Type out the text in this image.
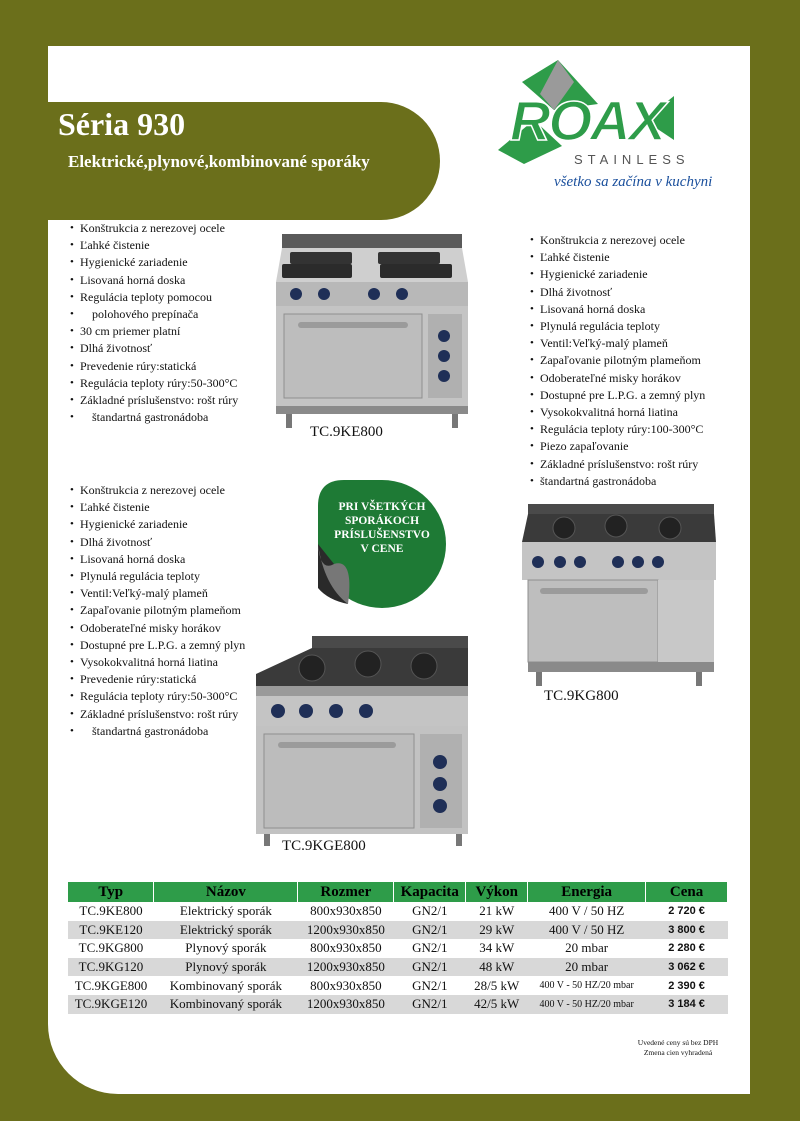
Séria 930
Elektrické,plynové,kombinované sporáky
ROAX
STAINLESS
všetko sa začína v kuchyni
• Konštrukcia z nerezovej ocele
• Ľahké čistenie
• Hygienické zariadenie
• Lisovaná horná doska
• Regulácia teploty pomocou
• polohového prepínača
• 30 cm priemer platní
• Dlhá životnosť
• Prevedenie rúry:statická
• Regulácia teploty rúry:50-300°C
• Základné príslušenstvo: rošt rúry
• štandartná gastronádoba
• Konštrukcia z nerezovej ocele
• Ľahké čistenie
• Hygienické zariadenie
• Dlhá životnosť
• Lisovaná horná doska
• Plynulá regulácia teploty
• Ventil:Veľký-malý plameň
• Zapaľovanie pilotným plameňom
• Odoberateľné misky horákov
• Dostupné pre L.P.G. a zemný plyn
• Vysokokvalitná horná liatina
• Regulácia teploty rúry:100-300°C
• Piezo zapaľovanie
• Základné príslušenstvo: rošt rúry
• štandartná gastronádoba
• Konštrukcia z nerezovej ocele
• Ľahké čistenie
• Hygienické zariadenie
• Dlhá životnosť
• Lisovaná horná doska
• Plynulá regulácia teploty
• Ventil:Veľký-malý plameň
• Zapaľovanie pilotným plameňom
• Odoberateľné misky horákov
• Dostupné pre L.P.G. a zemný plyn
• Vysokokvalitná horná liatina
• Prevedenie rúry:statická
• Regulácia teploty rúry:50-300°C
• Základné príslušenstvo: rošt rúry
• štandartná gastronádoba
TC.9KE800
PRI VŠETKÝCH
SPORÁKOCH
PRÍSLUŠENSTVO
V CENE
TC.9KG800
TC.9KGE800
Typ	Názov	Rozmer	Kapacita	Výkon	Energia	Cena
TC.9KE800	Elektrický sporák	800x930x850	GN2/1	21 kW	400 V / 50 HZ	2 720 €
TC.9KE120	Elektrický sporák	1200x930x850	GN2/1	29 kW	400 V / 50 HZ	3 800 €
TC.9KG800	Plynový sporák	800x930x850	GN2/1	34 kW	20 mbar	2 280 €
TC.9KG120	Plynový sporák	1200x930x850	GN2/1	48 kW	20 mbar	3 062 €
TC.9KGE800	Kombinovaný sporák	800x930x850	GN2/1	28/5 kW	400 V - 50 HZ/20 mbar	2 390 €
TC.9KGE120	Kombinovaný sporák	1200x930x850	GN2/1	42/5 kW	400 V - 50 HZ/20 mbar	3 184 €
Uvedené ceny sú bez DPH
Zmena cien vyhradená
